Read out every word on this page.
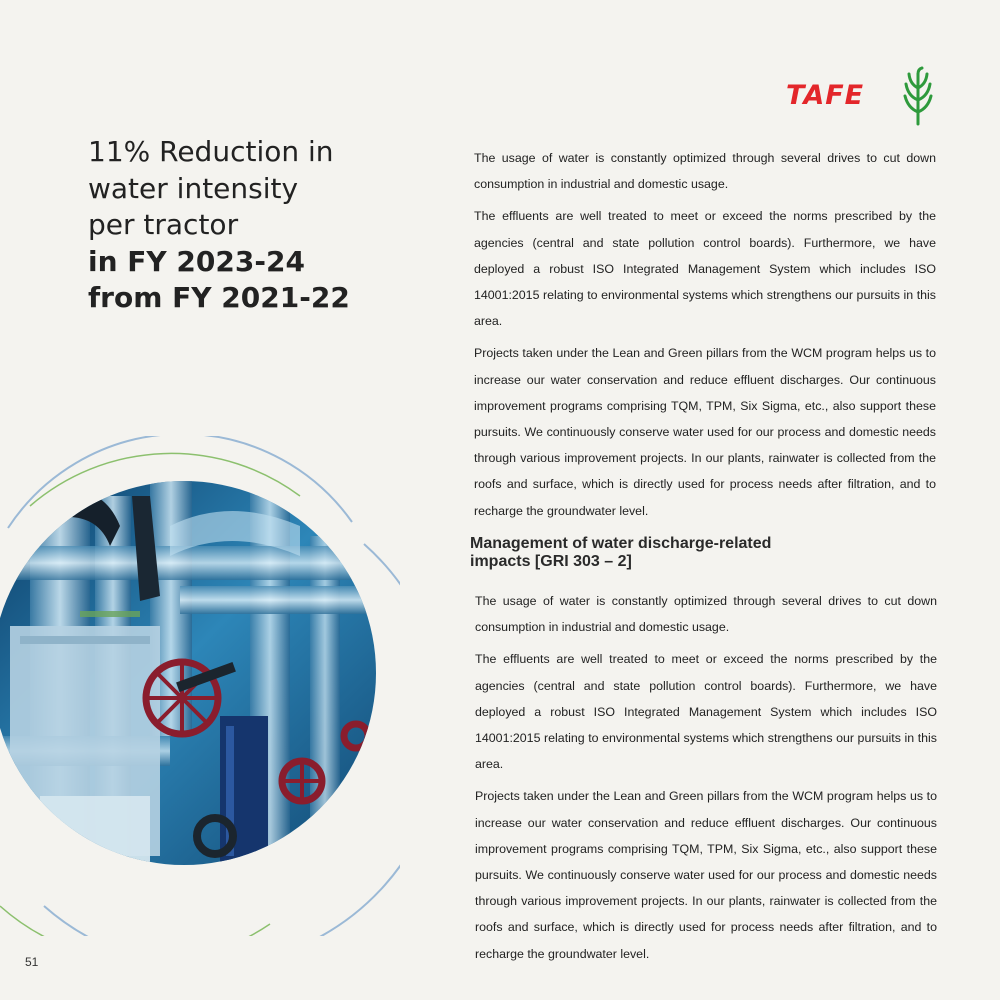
TAFE
11% Reduction in
water intensity
per tractor
in FY 2023-24
from FY 2021-22

The usage of water is constantly optimized through several drives to cut down consumption in industrial and domestic usage.

The effluents are well treated to meet or exceed the norms prescribed by the agencies (central and state pollution control boards). Furthermore, we have deployed a robust ISO Integrated Management System which includes ISO 14001:2015 relating to environmental systems which strengthens our pursuits in this area.

Projects taken under the Lean and Green pillars from the WCM program helps us to increase our water conservation and reduce effluent discharges. Our continuous improvement programs comprising TQM, TPM, Six Sigma, etc., also support these pursuits. We continuously conserve water used for our process and domestic needs through various improvement projects. In our plants, rainwater is collected from the roofs and surface, which is directly used for process needs after filtration, and to recharge the groundwater level.

Management of water discharge-related
impacts [GRI 303 – 2]

The usage of water is constantly optimized through several drives to cut down consumption in industrial and domestic usage.

The effluents are well treated to meet or exceed the norms prescribed by the agencies (central and state pollution control boards). Furthermore, we have deployed a robust ISO Integrated Management System which includes ISO 14001:2015 relating to environmental systems which strengthens our pursuits in this area.

Projects taken under the Lean and Green pillars from the WCM program helps us to increase our water conservation and reduce effluent discharges. Our continuous improvement programs comprising TQM, TPM, Six Sigma, etc., also support these pursuits. We continuously conserve water used for our process and domestic needs through various improvement projects. In our plants, rainwater is collected from the roofs and surface, which is directly used for process needs after filtration, and to recharge the groundwater level.

51
